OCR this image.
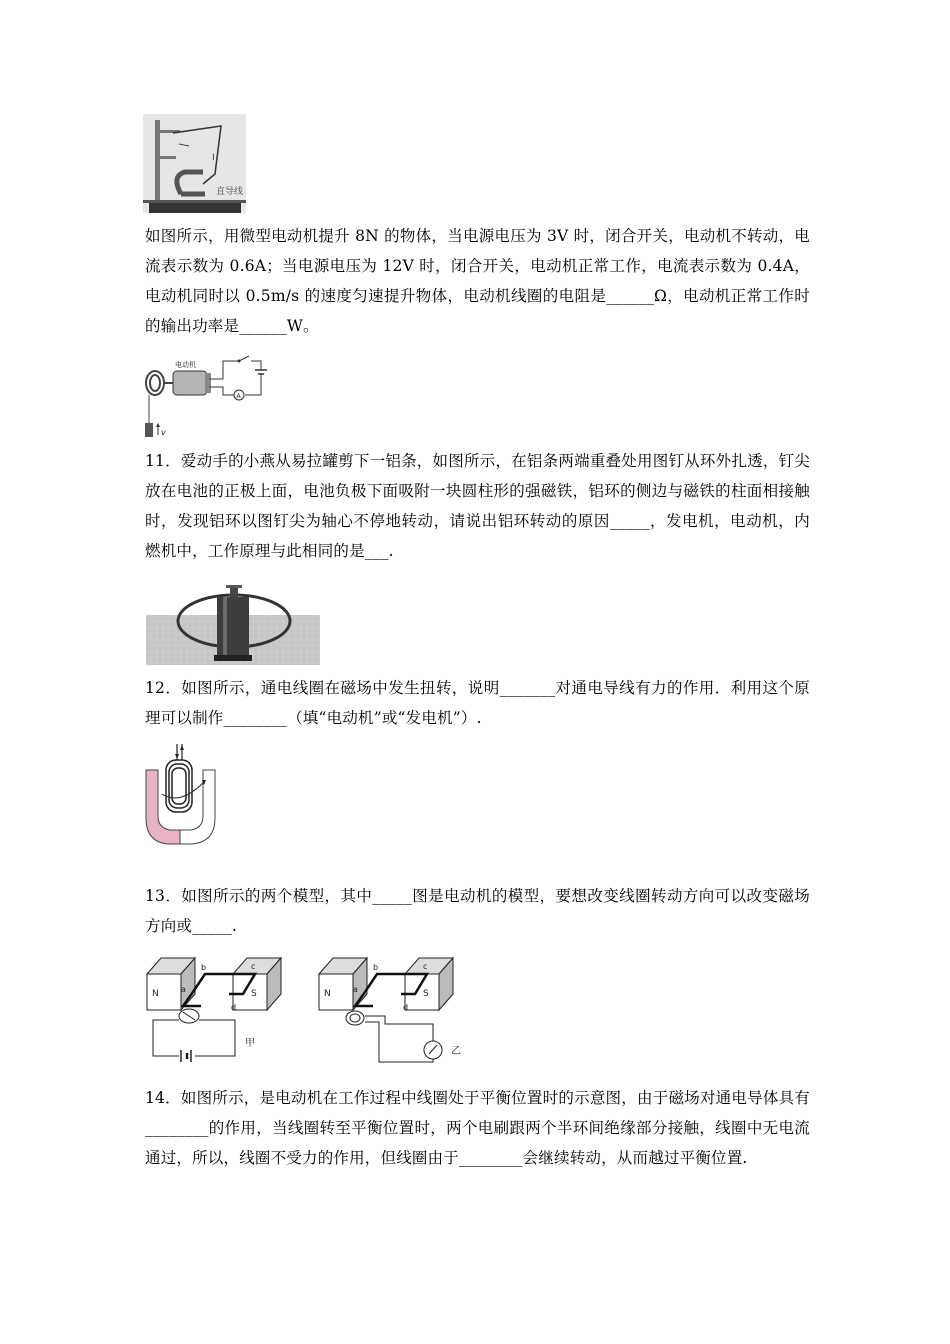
I
直导线
如图所示，用微型电动机提升 8N 的物体，当电源电压为 3V 时，闭合开关，电动机不转动，电流表示数为 0.6A；当电源电压为 12V 时，闭合开关，电动机正常工作，电流表示数为 0.4A，电动机同时以 0.5m/s 的速度匀速提升物体，电动机线圈的电阻是______Ω，电动机正常工作时的输出功率是______W。
电动机
A
v
11．爱动手的小燕从易拉罐剪下一铝条，如图所示，在铝条两端重叠处用图钉从环外扎透，钉尖放在电池的正极上面，电池负极下面吸附一块圆柱形的强磁铁，铝环的侧边与磁铁的柱面相接触时，发现铝环以图钉尖为轴心不停地转动，请说出铝环转动的原因_____，发电机，电动机，内燃机中，工作原理与此相同的是___.
12．如图所示，通电线圈在磁场中发生扭转，说明_______对通电导线有力的作用．利用这个原理可以制作________（填“电动机”或“发电机”）.
13．如图所示的两个模型，其中_____图是电动机的模型，要想改变线圈转动方向可以改变磁场方向或_____.
N	S
b	c
a
d
甲
N	S
b	c
a
d
乙
14．如图所示，是电动机在工作过程中线圈处于平衡位置时的示意图，由于磁场对通电导体具有________的作用，当线圈转至平衡位置时，两个电刷跟两个半环间绝缘部分接触，线圈中无电流通过，所以，线圈不受力的作用，但线圈由于________会继续转动，从而越过平衡位置.
